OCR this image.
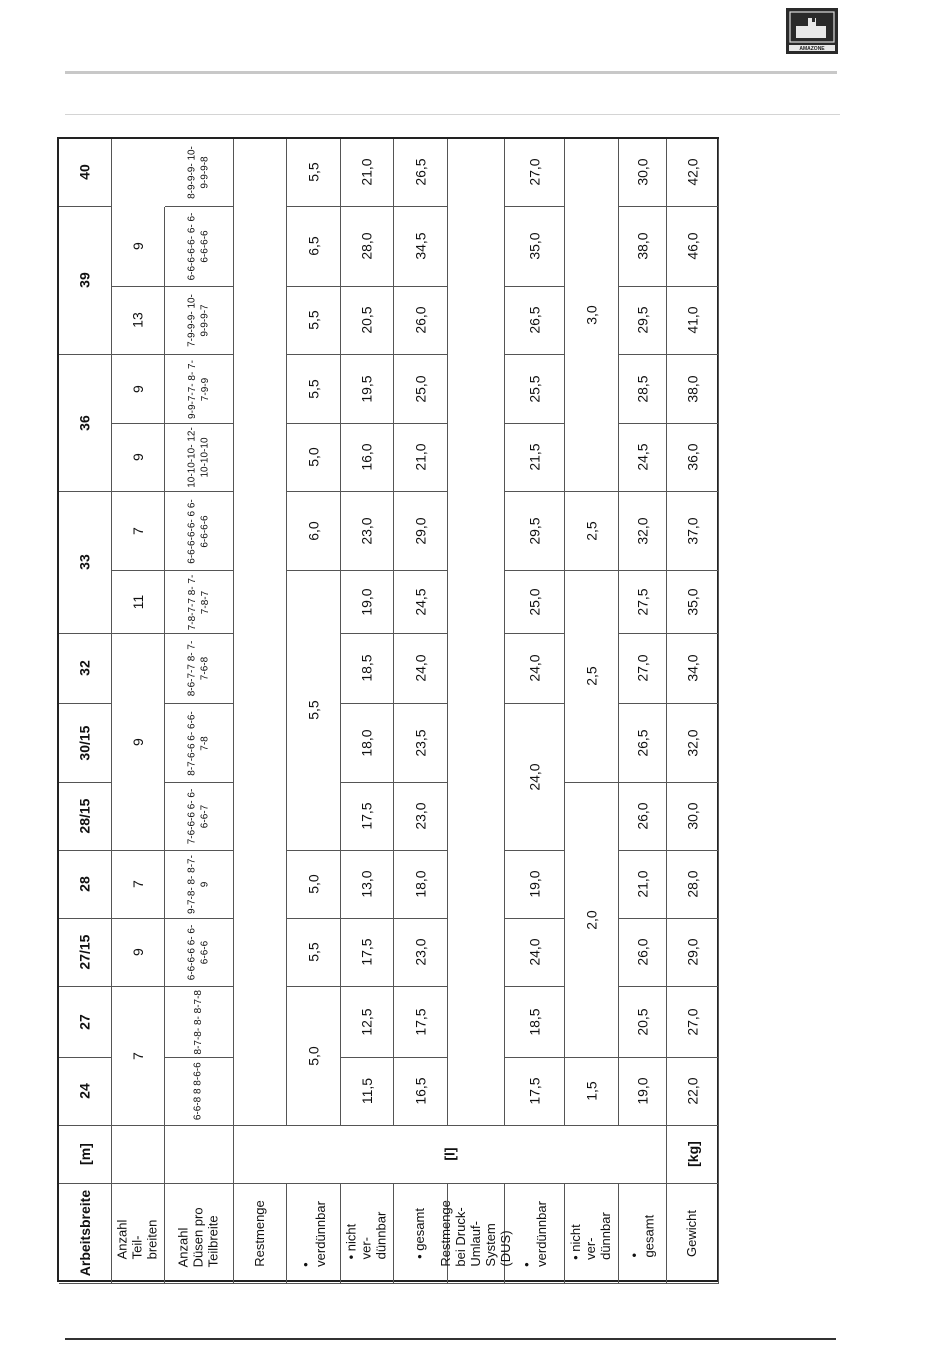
AMAZONE
Arbeitsbreite Anzahl Teil-breiten Anzahl Düsen pro Teilbreite Restmenge • verdünnbar • nicht ver-dünnbar • gesamt Restmenge bei Druck-Umlauf-System (DUS) • verdünnbar • nicht ver-dünnbar • gesamt Gewicht
[m]	[l]	[kg]
24
27
27/15
28
28/15
30/15
32
33
36
39
40
7
9
7
9
11
7
9
9
13
9
6-6-8 8 8-6-6
8-7-8- 8- 8-7-8
6-6-6-6 6- 6-6-6-6
9-7-8- 8- 8-7-9
7-6-6-6 6- 6-6-6-7
8-7-6-6 6- 6-6-7-8
8-6-7-7 8- 7-7-6-8
7-8-7-7 8- 7-7-8-7
6-6-6-6-6- 6 6-6-6-6-6
10-10-10- 12- 10-10-10
9-9-7-7- 8- 7-7-9-9
7-9-9-9- 10- 9-9-9-7
6-6-6-6-6- 6- 6-6-6-6-6
8-9-9-9- 10- 9-9-9-8
5,0
5,5
5,0
5,5
6,0
5,0
5,5
5,5
6,5
5,5
11,5
12,5
17,5
13,0
17,5
18,0
18,5
19,0
23,0
16,0
19,5
20,5
28,0
21,0
16,5
17,5
23,0
18,0
23,0
23,5
24,0
24,5
29,0
21,0
25,0
26,0
34,5
26,5
17,5
18,5
24,0
19,0
24,0
24,0
25,0
29,5
21,5
25,5
26,5
35,0
27,0
1,5
2,0
2,5
2,5
3,0
19,0
20,5
26,0
21,0
26,0
26,5
27,0
27,5
32,0
24,5
28,5
29,5
38,0
30,0
22,0
27,0
29,0
28,0
30,0
32,0
34,0
35,0
37,0
36,0
38,0
41,0
46,0
42,0
